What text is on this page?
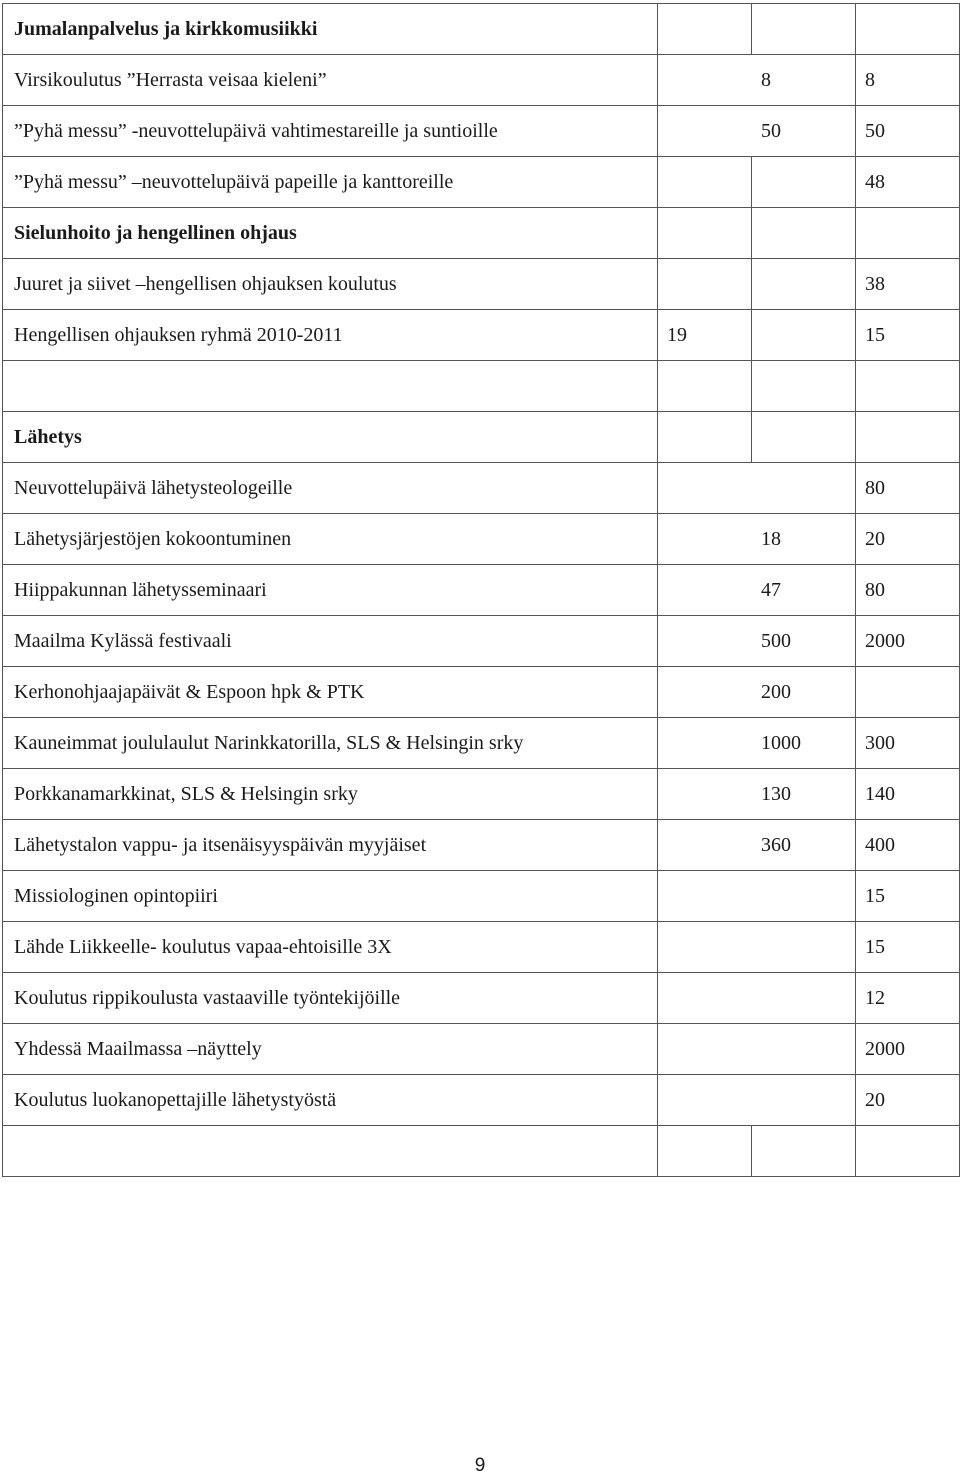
Jumalanpalvelus ja kirkkomusiikki			
Virsikoulutus ”Herrasta veisaa kieleni”	8		8
”Pyhä messu” -neuvottelupäivä vahtimestareille ja suntioille	50		50
”Pyhä messu” –neuvottelupäivä papeille ja kanttoreille			48
Sielunhoito ja hengellinen ohjaus			
Juuret ja siivet –hengellisen ohjauksen koulutus			38
Hengellisen ohjauksen ryhmä 2010-2011	19		15

Lähetys			
Neuvottelupäivä lähetysteologeille			80
Lähetysjärjestöjen kokoontuminen	18		20
Hiippakunnan lähetysseminaari	47		80
Maailma Kylässä festivaali	500		2000
Kerhonohjaajapäivät & Espoon hpk & PTK	200		
Kauneimmat joululaulut Narinkkatorilla, SLS & Helsingin srky	1000		300
Porkkanamarkkinat, SLS & Helsingin srky	130		140
Lähetystalon vappu- ja itsenäisyyspäivän myyjäiset	360		400
Missiologinen opintopiiri			15
Lähde Liikkeelle- koulutus vapaa-ehtoisille 3X			15
Koulutus rippikoulusta vastaaville työntekijöille			12
Yhdessä Maailmassa –näyttely			2000
Koulutus luokanopettajille lähetystyöstä			20

9
